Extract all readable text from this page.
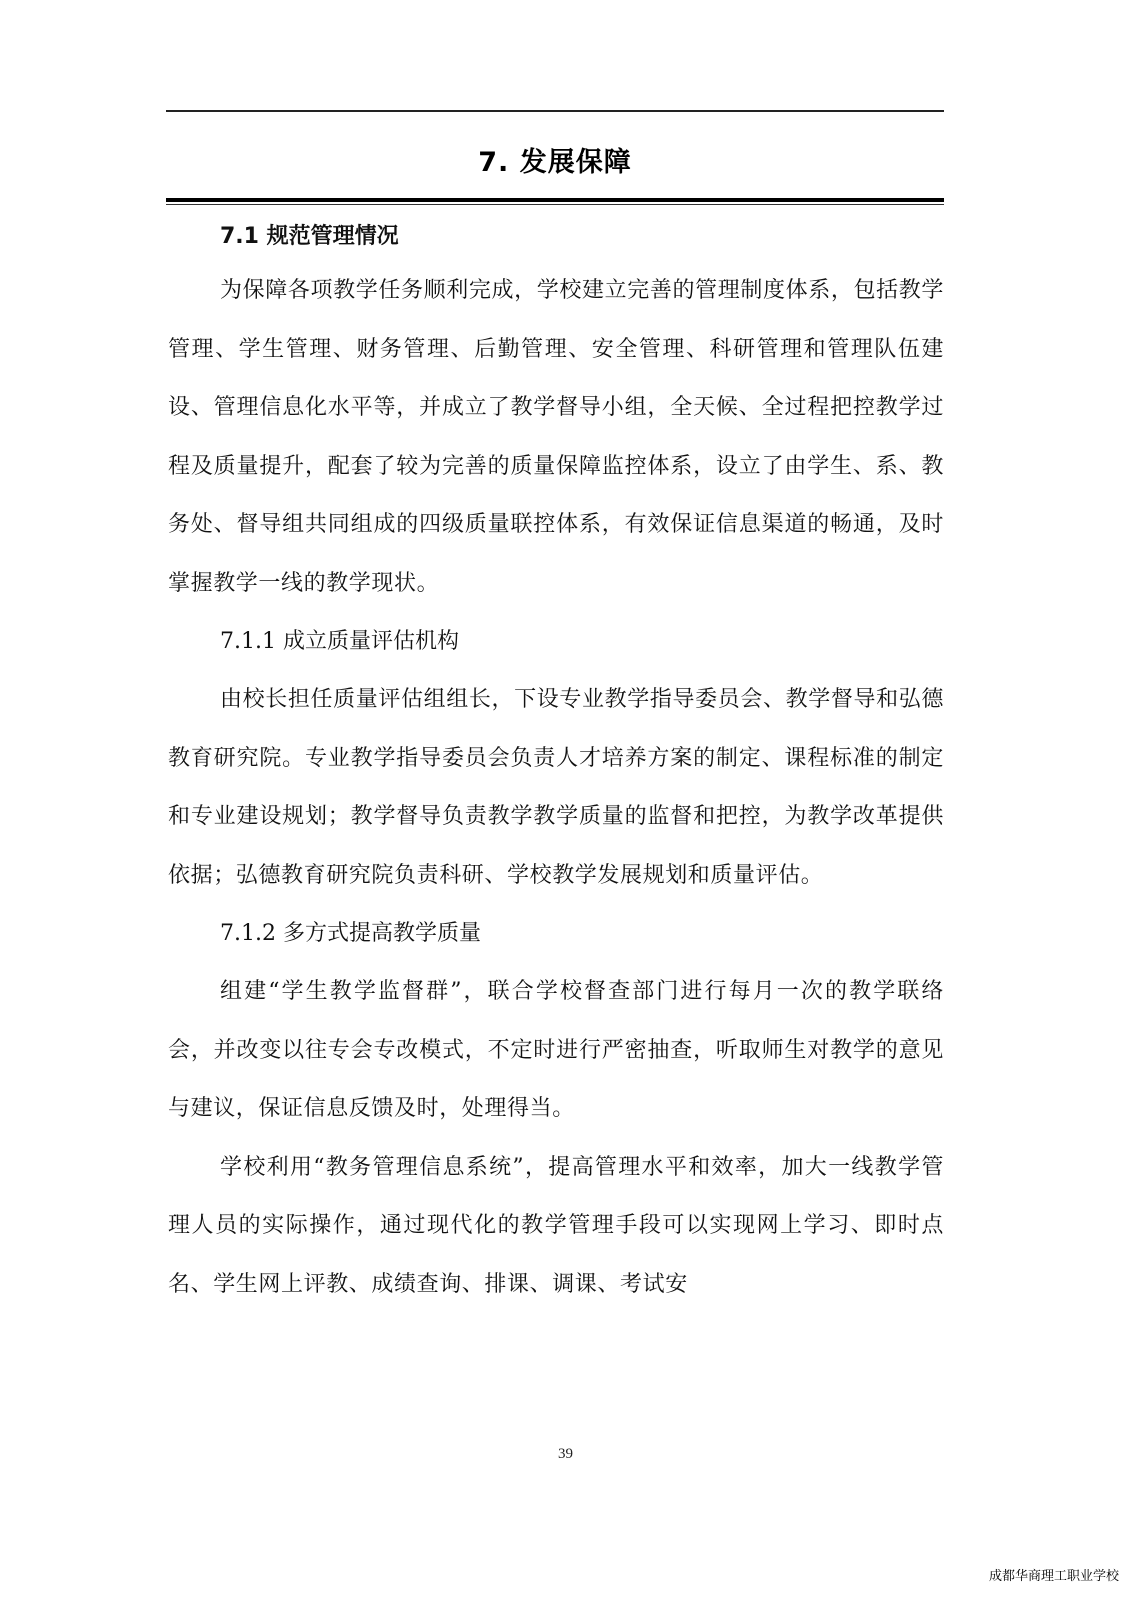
7. 发展保障
7.1 规范管理情况

为保障各项教学任务顺利完成，学校建立完善的管理制度体系，包括教学管理、学生管理、财务管理、后勤管理、安全管理、科研管理和管理队伍建设、管理信息化水平等，并成立了教学督导小组，全天候、全过程把控教学过程及质量提升，配套了较为完善的质量保障监控体系，设立了由学生、系、教务处、督导组共同组成的四级质量联控体系，有效保证信息渠道的畅通，及时掌握教学一线的教学现状。

7.1.1 成立质量评估机构

由校长担任质量评估组组长，下设专业教学指导委员会、教学督导和弘德教育研究院。专业教学指导委员会负责人才培养方案的制定、课程标准的制定和专业建设规划；教学督导负责教学教学质量的监督和把控，为教学改革提供依据；弘德教育研究院负责科研、学校教学发展规划和质量评估。

7.1.2 多方式提高教学质量

组建“学生教学监督群”，联合学校督查部门进行每月一次的教学联络会，并改变以往专会专改模式，不定时进行严密抽查，听取师生对教学的意见与建议，保证信息反馈及时，处理得当。

学校利用“教务管理信息系统”，提高管理水平和效率，加大一线教学管理人员的实际操作，通过现代化的教学管理手段可以实现网上学习、即时点名、学生网上评教、成绩查询、排课、调课、考试安

39
成都华商理工职业学校
